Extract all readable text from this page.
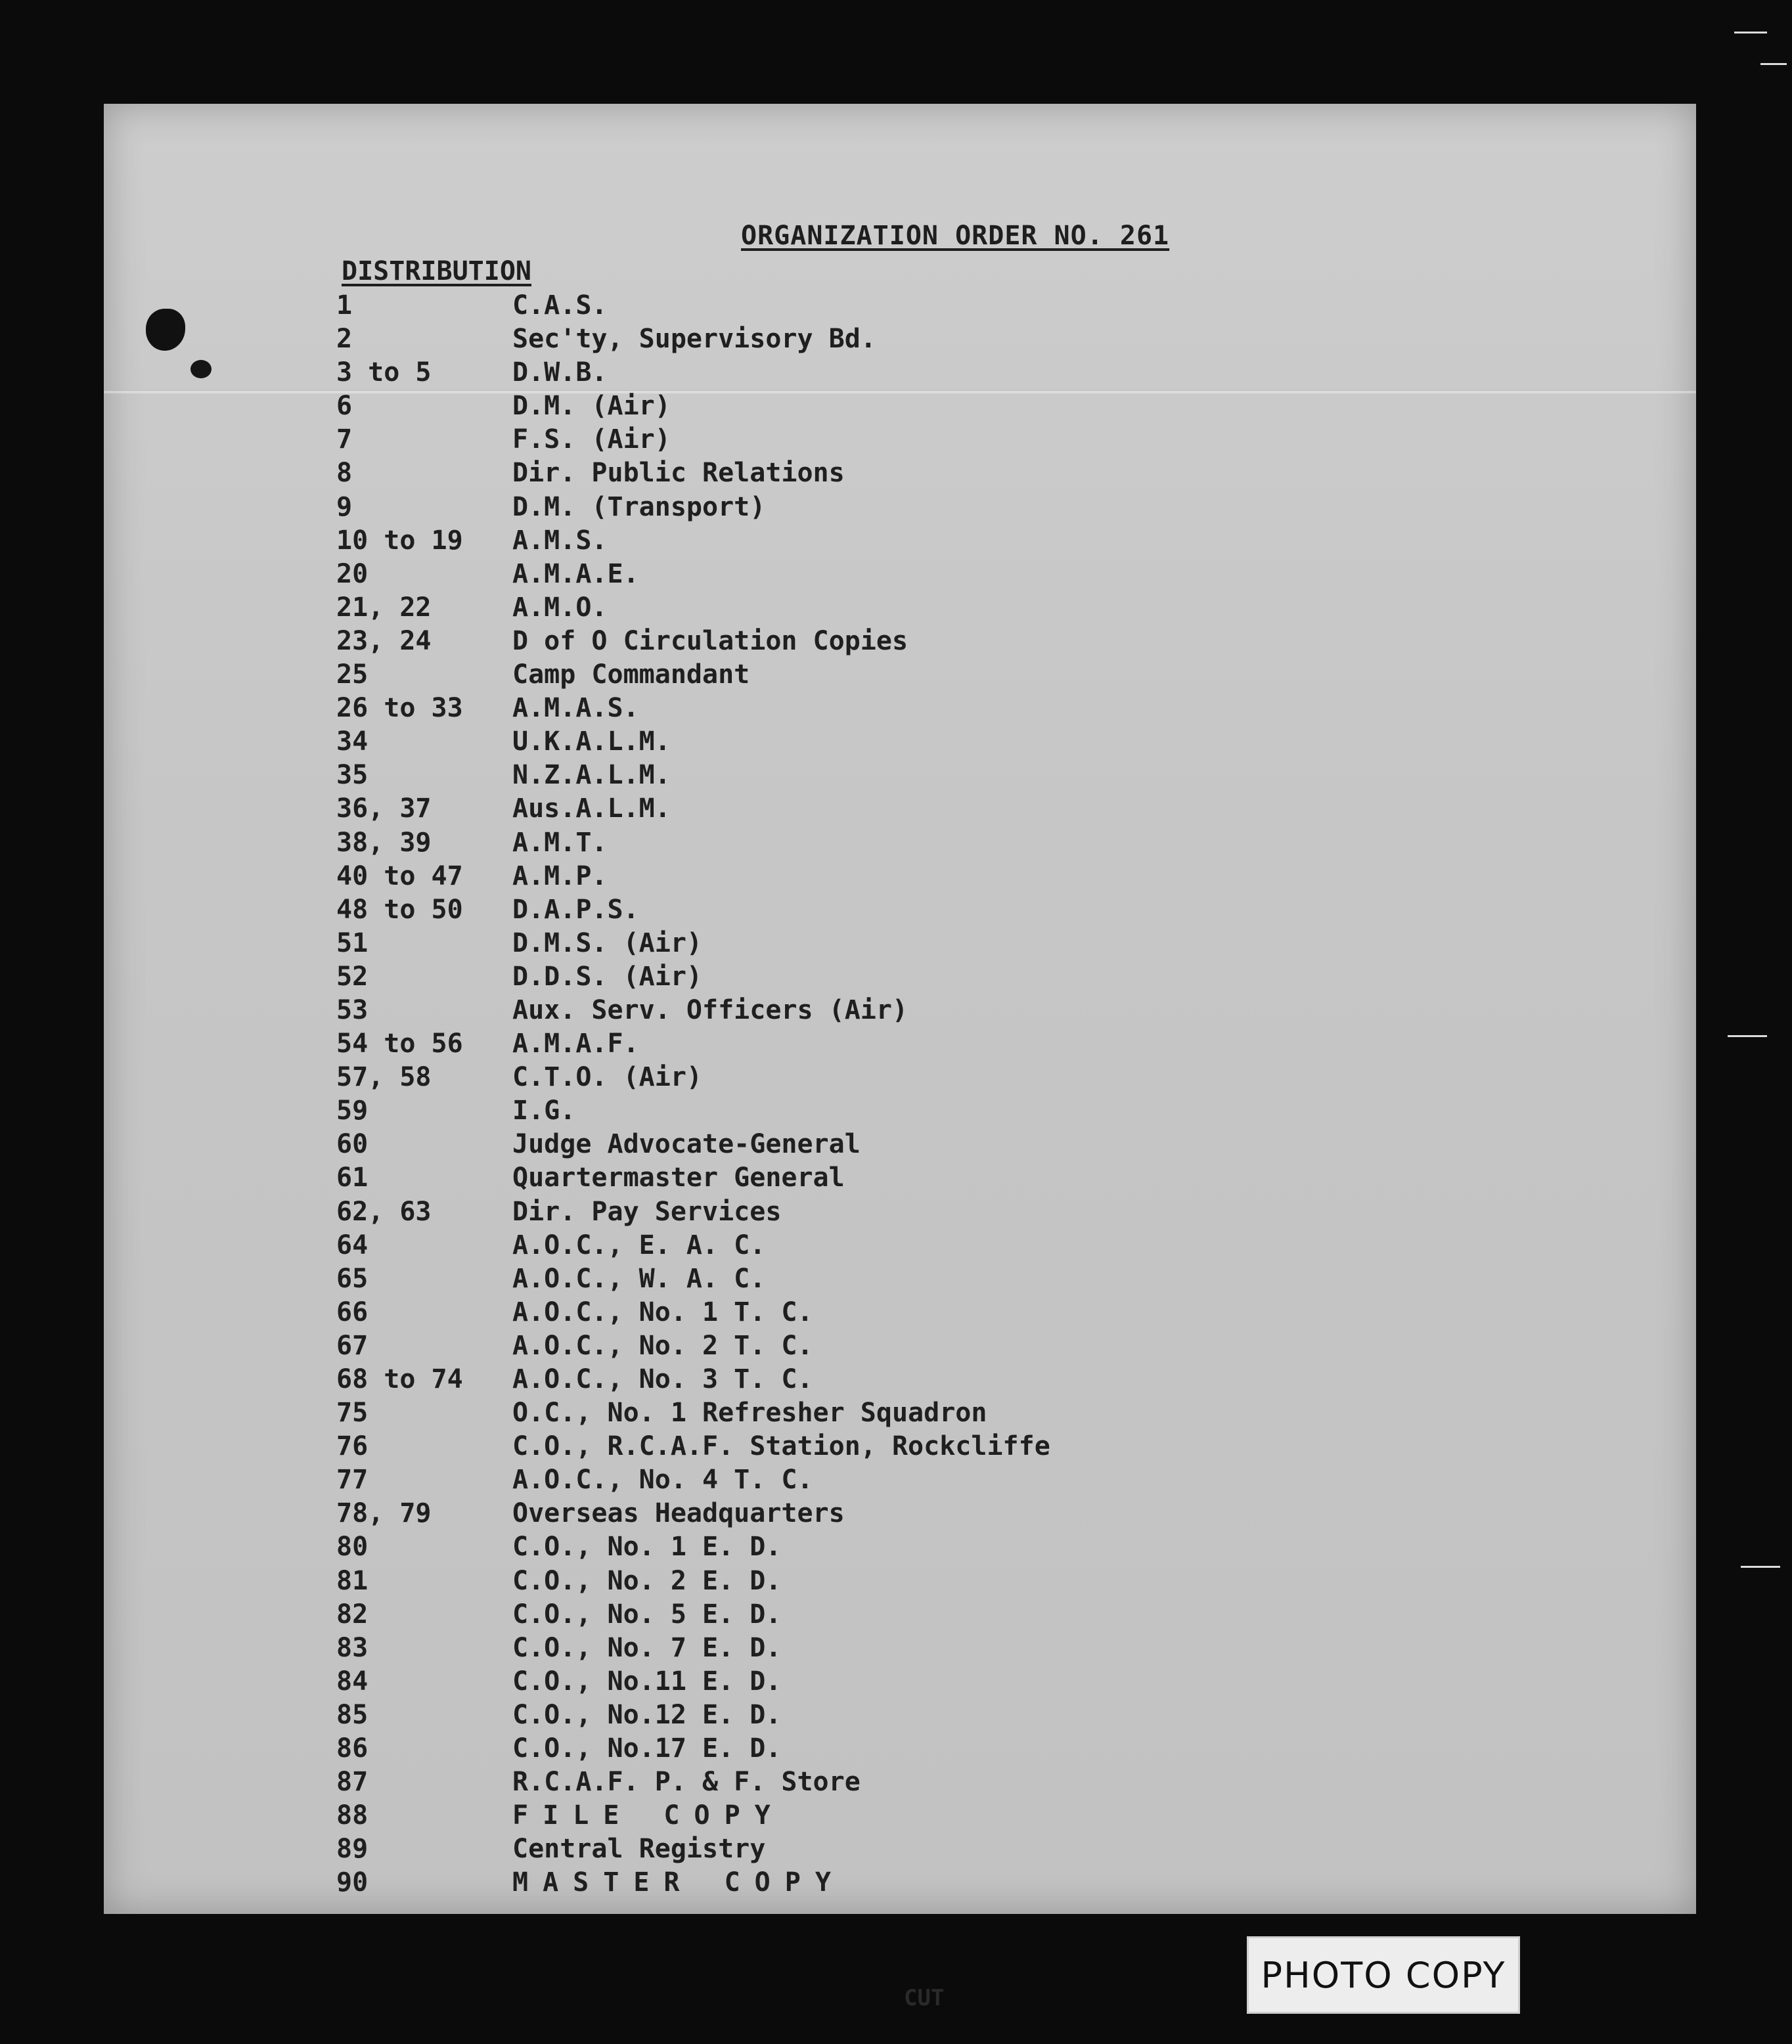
ORGANIZATION ORDER NO. 261
DISTRIBUTION
1	C.A.S.
2	Sec'ty, Supervisory Bd.
3 to 5	D.W.B.
6	D.M. (Air)
7	F.S. (Air)
8	Dir. Public Relations
9	D.M. (Transport)
10 to 19	A.M.S.
20	A.M.A.E.
21, 22	A.M.O.
23, 24	D of O Circulation Copies
25	Camp Commandant
26 to 33	A.M.A.S.
34	U.K.A.L.M.
35	N.Z.A.L.M.
36, 37	Aus.A.L.M.
38, 39	A.M.T.
40 to 47	A.M.P.
48 to 50	D.A.P.S.
51	D.M.S. (Air)
52	D.D.S. (Air)
53	Aux. Serv. Officers (Air)
54 to 56	A.M.A.F.
57, 58	C.T.O. (Air)
59	I.G.
60	Judge Advocate-General
61	Quartermaster General
62, 63	Dir. Pay Services
64	A.O.C., E. A. C.
65	A.O.C., W. A. C.
66	A.O.C., No. 1 T. C.
67	A.O.C., No. 2 T. C.
68 to 74	A.O.C., No. 3 T. C.
75	O.C., No. 1 Refresher Squadron
76	C.O., R.C.A.F. Station, Rockcliffe
77	A.O.C., No. 4 T. C.
78, 79	Overseas Headquarters
80	C.O., No. 1 E. D.
81	C.O., No. 2 E. D.
82	C.O., No. 5 E. D.
83	C.O., No. 7 E. D.
84	C.O., No.11 E. D.
85	C.O., No.12 E. D.
86	C.O., No.17 E. D.
87	R.C.A.F. P. & F. Store
88	FILE COPY
89	Central Registry
90	MASTER COPY
CUT
PHOTO COPY
